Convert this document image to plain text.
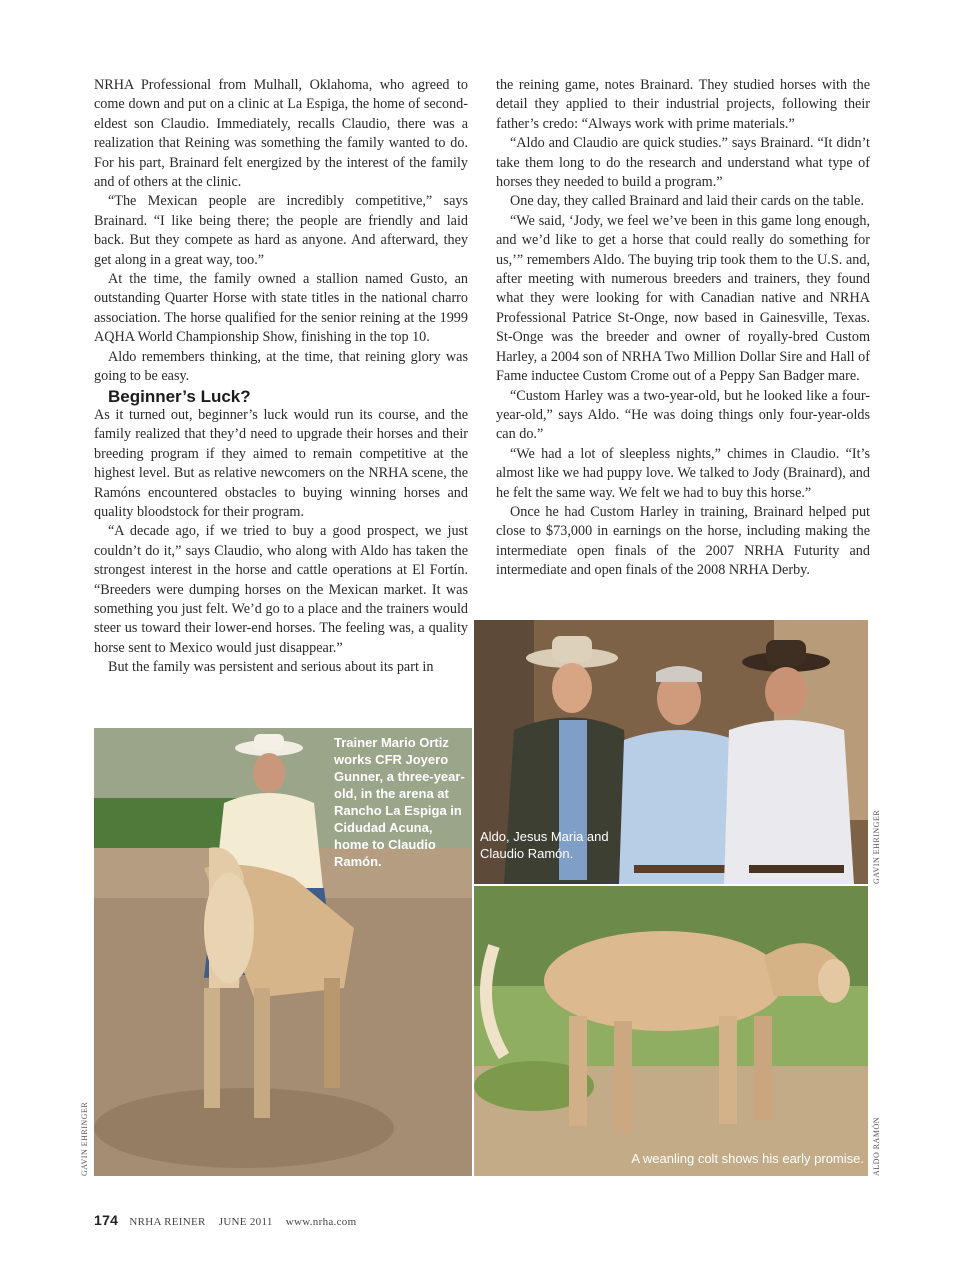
NRHA Professional from Mulhall, Oklahoma, who agreed to come down and put on a clinic at La Espiga, the home of second-eldest son Claudio. Immediately, recalls Claudio, there was a realization that Reining was something the family wanted to do. For his part, Brainard felt energized by the interest of the family and of others at the clinic.

“The Mexican people are incredibly competitive,” says Brainard. “I like being there; the people are friendly and laid back. But they compete as hard as anyone. And afterward, they get along in a great way, too.”

At the time, the family owned a stallion named Gusto, an outstanding Quarter Horse with state titles in the national charro association. The horse qualified for the senior reining at the 1999 AQHA World Championship Show, finishing in the top 10.

Aldo remembers thinking, at the time, that reining glory was going to be easy.

Beginner’s Luck?

As it turned out, beginner’s luck would run its course, and the family realized that they’d need to upgrade their horses and their breeding program if they aimed to remain competitive at the highest level. But as relative newcomers on the NRHA scene, the Ramóns encountered obstacles to buying winning horses and quality bloodstock for their program.

“A decade ago, if we tried to buy a good prospect, we just couldn’t do it,” says Claudio, who along with Aldo has taken the strongest interest in the horse and cattle operations at El Fortín. “Breeders were dumping horses on the Mexican market. It was something you just felt. We’d go to a place and the trainers would steer us toward their lower-end horses. The feeling was, a quality horse sent to Mexico would just disappear.”

But the family was persistent and serious about its part in

the reining game, notes Brainard. They studied horses with the detail they applied to their industrial projects, following their father’s credo: “Always work with prime materials.”

“Aldo and Claudio are quick studies.” says Brainard. “It didn’t take them long to do the research and understand what type of horses they needed to build a program.”

One day, they called Brainard and laid their cards on the table.

“We said, ‘Jody, we feel we’ve been in this game long enough, and we’d like to get a horse that could really do something for us,’” remembers Aldo. The buying trip took them to the U.S. and, after meeting with numerous breeders and trainers, they found what they were looking for with Canadian native and NRHA Professional Patrice St-Onge, now based in Gainesville, Texas. St-Onge was the breeder and owner of royally-bred Custom Harley, a 2004 son of NRHA Two Million Dollar Sire and Hall of Fame inductee Custom Crome out of a Peppy San Badger mare.

“Custom Harley was a two-year-old, but he looked like a four-year-old,” says Aldo. “He was doing things only four-year-olds can do.”

“We had a lot of sleepless nights,” chimes in Claudio. “It’s almost like we had puppy love. We talked to Jody (Brainard), and he felt the same way. We felt we had to buy this horse.”

Once he had Custom Harley in training, Brainard helped put close to $73,000 in earnings on the horse, including making the intermediate open finals of the 2007 NRHA Futurity and intermediate and open finals of the 2008 NRHA Derby.

Trainer Mario Ortiz works CFR Joyero Gunner, a three-year-old, in the arena at Rancho La Espiga in Cidudad Acuna, home to Claudio Ramón.
Aldo, Jesus Maria and Claudio Ramón.
A weanling colt shows his early promise.
GAVIN EHRINGER
GAVIN EHRINGER
ALDO RAMÓN
174 NRHA REINER JUNE 2011 www.nrha.com
